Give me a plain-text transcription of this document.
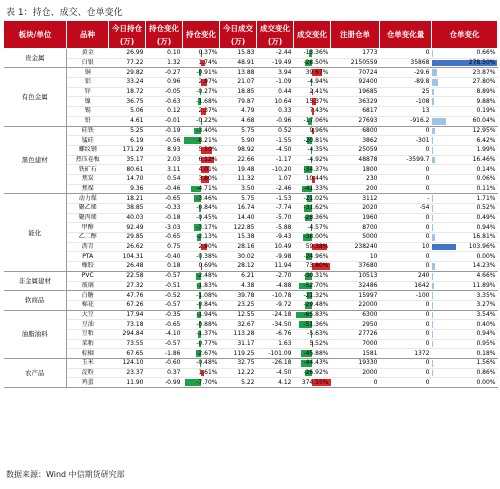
表 1：持仓、成交、仓单变化
板块/单位	品种	今日持仓(万)	持仓变化(万)	持仓变化	今日成交(万)	成交变化(万)	成交变化	注册仓单	仓单变化量	仓单变化
贵金属	黄金	26.99	0.10	0.37%	15.83	-2.44	-13.36%	1773	0	0.66%
	白银	77.22	1.32	1.74%	48.91	-19.49	-28.50%	2150559	35868	278.50%
有色金属	铜	29.82	-0.27	-0.91%	13.88	3.94	39.67%	70724	-29.6	23.87%
	铝	33.24	0.96	2.97%	21.07	-1.09	-4.94%	92400	-89.8	27.80%
	锌	18.72	-0.05	-0.27%	18.85	0.44	2.41%	19685	25	8.89%
	镍	36.75	-0.63	-1.68%	79.87	10.64	15.37%	36329	-108	9.88%
	锡	5.06	0.12	2.37%	4.79	0.33	7.43%	6817	13	0.19%
	铅	4.61	-0.01	-0.22%	4.68	-0.96	-17.06%	27693	-916.2	60.04%
黑色建材	硅铁	5.25	-0.19	-3.40%	5.75	0.52	9.96%	6800	0	12.95%
	锰硅	6.19	-0.56	-8.21%	5.90	-1.55	-20.81%	3862	-301	6.42%
	螺纹钢	171.29	8.93	5.50%	98.92	-4.50	-4.35%	25059	0	1.99%
	热压卷板	35.17	2.03	6.12%	22.66	-1.17	-4.92%	48878	-3599.7	16.46%
	铁矿石	80.61	3.11	4.01%	19.48	-10.20	-34.37%	1800	0	0.14%
	焦炭	14.70	0.54	3.80%	11.32	1.07	10.44%	230	0	0.06%
	焦煤	9.36	-0.46	-4.71%	3.50	-2.46	-41.33%	200	0	0.11%
能化	动力煤	18.21	-0.65	-3.46%	5.75	-1.53	-21.02%	3112	-	1.71%
	聚乙烯	38.85	-0.33	-0.84%	16.74	-7.74	-31.62%	2020	-54	0.52%
	聚丙烯	40.03	-0.18	-0.45%	14.40	-5.70	-28.36%	1960	0	0.49%
	甲醇	92.49	-3.03	-3.17%	122.85	-5.88	-4.57%	8700	0	0.94%
	乙二醇	29.85	-0.65	-2.13%	15.38	-9.43	-38.00%	5000	0	16.81%
	沥青	26.62	0.75	2.90%	28.16	10.49	59.38%	238240	10	103.96%
	PTA	104.31	-0.40	-0.38%	30.02	-9.98	-24.96%	10	0	0.00%
	橡胶	26.48	0.18	0.69%	28.12	11.94	73.80%	37680	0	14.23%
非金属建材	PVC	22.58	-0.57	-2.48%	6.21	-2.70	-30.31%	10513	240	4.66%
	玻璃	27.32	-0.51	-1.83%	4.38	-4.88	-52.70%	32486	1642	11.89%
软商品	白糖	47.76	-0.52	-1.08%	39.78	-10.78	-21.32%	15997	-100	3.35%
	棉花	67.26	-0.57	-0.84%	23.25	-9.72	-29.48%	22000	0	3.27%
油脂油料	大豆	17.94	-0.35	-1.94%	12.55	-24.18	-65.83%	6300	0	3.54%
	豆油	73.18	-0.65	-0.88%	32.67	-34.50	-51.36%	2950	0	0.40%
	豆粕	294.84	-4.10	-1.37%	113.28	-6.76	-5.63%	27726	0	0.94%
	菜粕	73.55	-0.57	-0.77%	31.17	1.63	5.52%	7000	0	0.95%
	棕榈	67.65	-1.86	-2.67%	119.25	-101.09	-45.88%	1581	1372	0.18%
农产品	玉米	124.10	-0.60	-0.48%	32.75	-26.18	-44.43%	19330	0	1.56%
	淀粉	23.37	0.37	1.61%	12.22	-4.50	-26.92%	2000	0	0.86%
	鸡蛋	11.90	-0.99	-7.70%	5.22	4.12	374.55%	0	0	0.00%
数据来源：Wind 中信期货研究部
